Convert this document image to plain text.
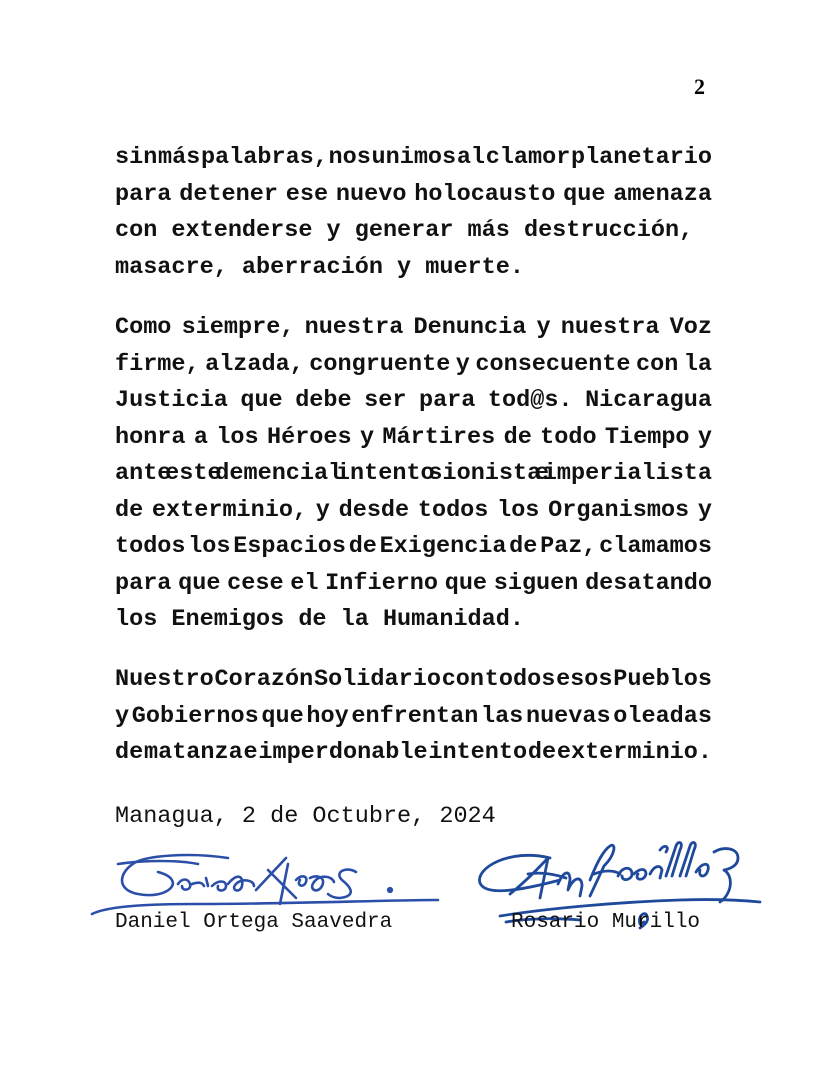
2
sin más palabras, nos unimos al clamor planetario
para detener ese nuevo holocausto que amenaza
con extenderse y generar más destrucción,
masacre, aberración y muerte.
Como siempre, nuestra Denuncia y nuestra Voz
firme, alzada, congruente y consecuente con la
Justicia que debe ser para tod@s. Nicaragua
honra a los Héroes y Mártires de todo Tiempo y
ante este demencial intento sionista e imperialista
de exterminio, y desde todos los Organismos y
todos los Espacios de Exigencia de Paz, clamamos
para que cese el Infierno que siguen desatando
los Enemigos de la Humanidad.
Nuestro Corazón Solidario con todos esos Pueblos
y Gobiernos que hoy enfrentan las nuevas oleadas
de matanza e imperdonable intento de exterminio.
Managua, 2 de Octubre, 2024
Daniel Ortega Saavedra	Rosario Murillo
